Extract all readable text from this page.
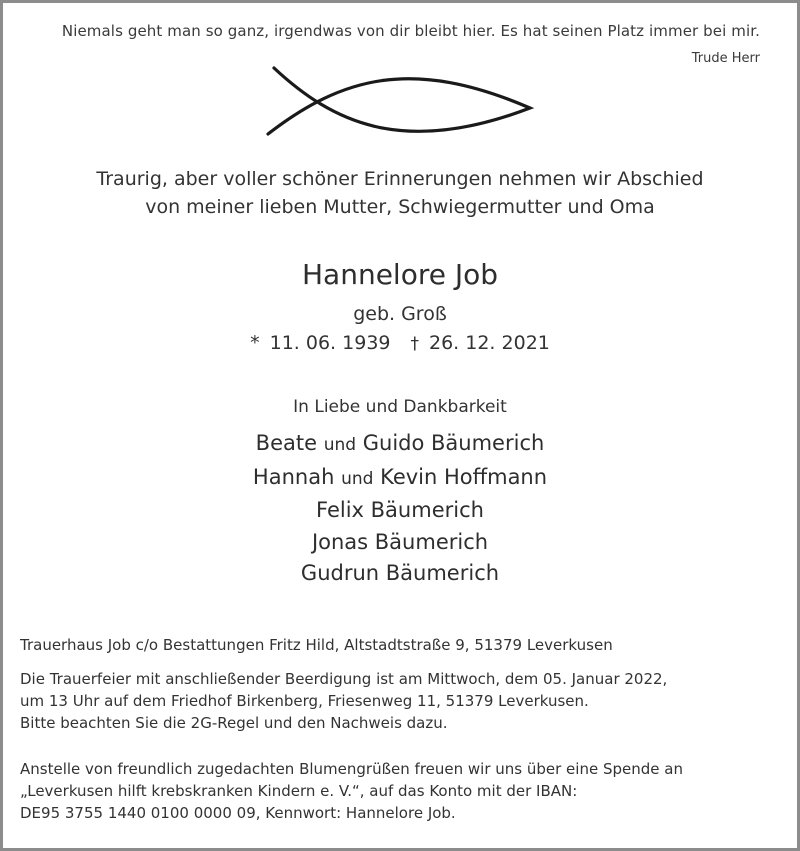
Niemals geht man so ganz, irgendwas von dir bleibt hier. Es hat seinen Platz immer bei mir.
Trude Herr
Traurig, aber voller schöner Erinnerungen nehmen wir Abschied
von meiner lieben Mutter, Schwiegermutter und Oma
Hannelore Job
geb. Groß
* 11. 06. 1939 † 26. 12. 2021
In Liebe und Dankbarkeit
Beate und Guido Bäumerich
Hannah und Kevin Hoffmann
Felix Bäumerich
Jonas Bäumerich
Gudrun Bäumerich
Trauerhaus Job c/o Bestattungen Fritz Hild, Altstadtstraße 9, 51379 Leverkusen
Die Trauerfeier mit anschließender Beerdigung ist am Mittwoch, dem 05. Januar 2022,
um 13 Uhr auf dem Friedhof Birkenberg, Friesenweg 11, 51379 Leverkusen.
Bitte beachten Sie die 2G-Regel und den Nachweis dazu.
Anstelle von freundlich zugedachten Blumengrüßen freuen wir uns über eine Spende an
„Leverkusen hilft krebskranken Kindern e. V.“, auf das Konto mit der IBAN:
DE95 3755 1440 0100 0000 09, Kennwort: Hannelore Job.
